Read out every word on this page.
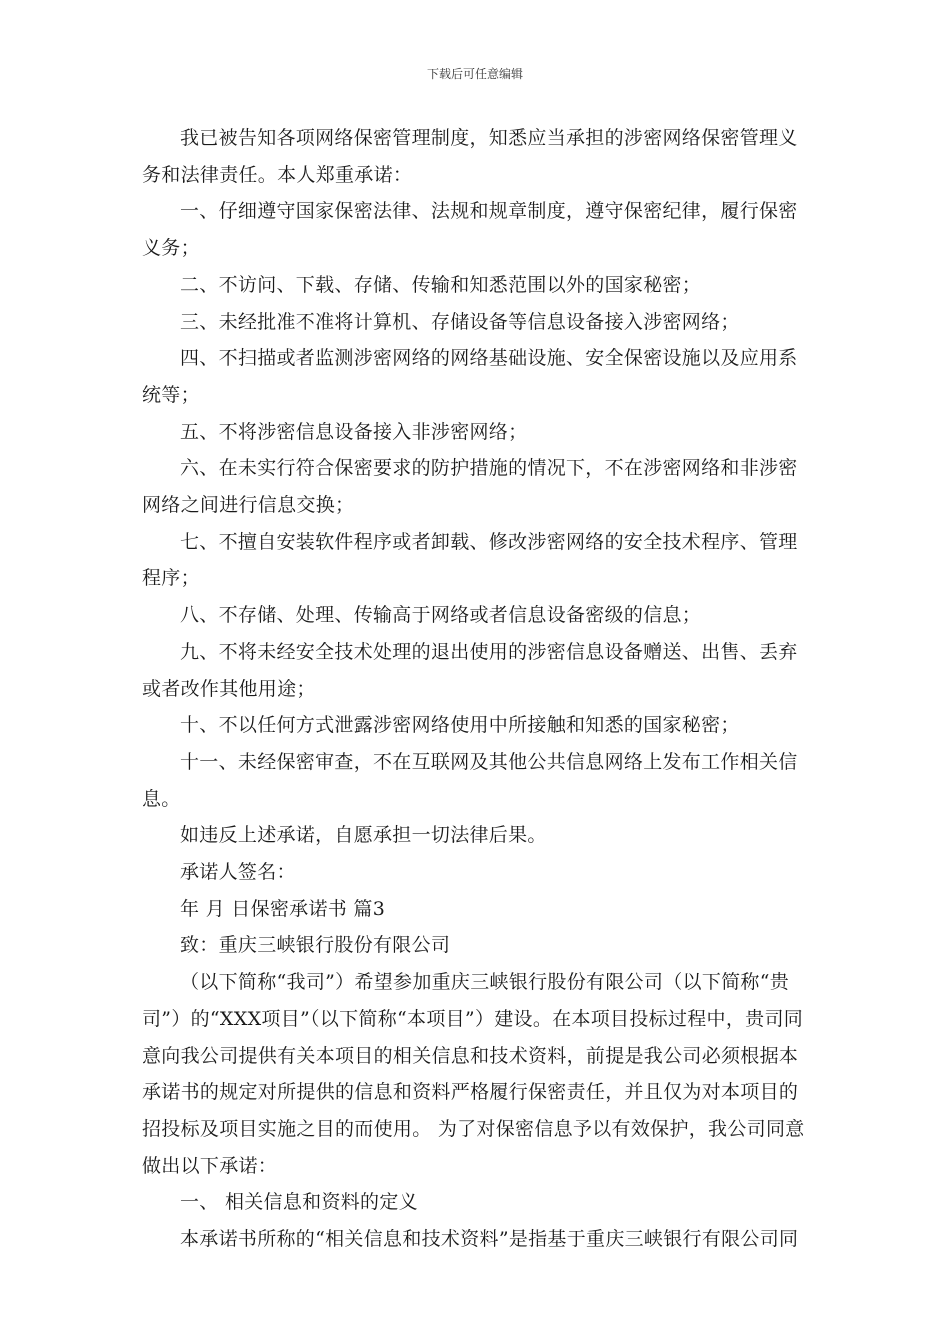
下载后可任意编辑

我已被告知各项网络保密管理制度，知悉应当承担的涉密网络保密管理义务和法律责任。本人郑重承诺：

一、仔细遵守国家保密法律、法规和规章制度，遵守保密纪律，履行保密义务；

二、不访问、下载、存储、传输和知悉范围以外的国家秘密；

三、未经批准不准将计算机、存储设备等信息设备接入涉密网络；

四、不扫描或者监测涉密网络的网络基础设施、安全保密设施以及应用系统等；

五、不将涉密信息设备接入非涉密网络；

六、在未实行符合保密要求的防护措施的情况下，不在涉密网络和非涉密网络之间进行信息交换；

七、不擅自安装软件程序或者卸载、修改涉密网络的安全技术程序、管理程序；

八、不存储、处理、传输高于网络或者信息设备密级的信息；

九、不将未经安全技术处理的退出使用的涉密信息设备赠送、出售、丢弃或者改作其他用途；

十、不以任何方式泄露涉密网络使用中所接触和知悉的国家秘密；

十一、未经保密审查，不在互联网及其他公共信息网络上发布工作相关信息。

如违反上述承诺，自愿承担一切法律后果。

承诺人签名：

年 月 日保密承诺书 篇3

致：重庆三峡银行股份有限公司

（以下简称“我司”）希望参加重庆三峡银行股份有限公司（以下简称“贵司”）的“XXX项目”（以下简称“本项目”）建设。在本项目投标过程中，贵司同意向我公司提供有关本项目的相关信息和技术资料，前提是我公司必须根据本承诺书的规定对所提供的信息和资料严格履行保密责任，并且仅为对本项目的招投标及项目实施之目的而使用。 为了对保密信息予以有效保护，我公司同意做出以下承诺：

一、 相关信息和资料的定义

本承诺书所称的“相关信息和技术资料”是指基于重庆三峡银行有限公司同
